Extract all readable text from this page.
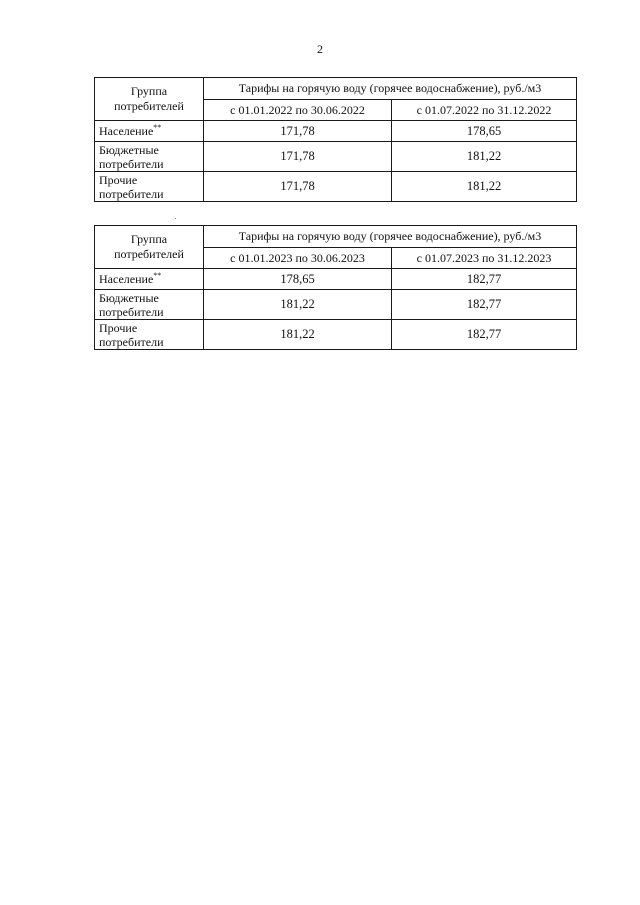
2
Группа потребителей	Тарифы на горячую воду (горячее водоснабжение), руб./м3	
	с 01.01.2022 по 30.06.2022	с 01.07.2022 по 31.12.2022
Население**	171,78	178,65
Бюджетные потребители	171,78	181,22
Прочие потребители	171,78	181,22
Группа потребителей	Тарифы на горячую воду (горячее водоснабжение), руб./м3	
	с 01.01.2023 по 30.06.2023	с 01.07.2023 по 31.12.2023
Население**	178,65	182,77
Бюджетные потребители	181,22	182,77
Прочие потребители	181,22	182,77
